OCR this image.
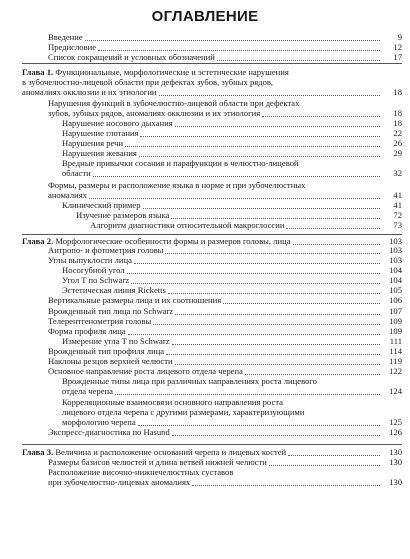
ОГЛАВЛЕНИЕ
Введение	9
Предисловие	12
Список сокращений и условных обозначений	17
Глава 1. Функциональные, морфологические и эстетические нарушения
в зубочелюстно-лицевой области при дефектах зубов, зубных рядов,
аномалиях окклюзии и их этиологии	18
Нарушения функций в зубочелюстно-лицевой области при дефектах
зубов, зубных рядов, аномалиях окклюзии и их этиология	18
Нарушение носового дыхания	18
Нарушение глотания	22
Нарушения речи	26
Нарушения жевания	29
Вредные привычки сосания и парафункции в челюстно-лицевой
области	32
Формы, размеры и расположение языка в норме и при зубочелюстных
аномалиях	41
Клинический пример	41
Изучение размеров языка	72
Алгоритм диагностики относительной макроглоссии	73
Глава 2. Морфологические особенности формы и размеров головы, лица	103
Антропо- и фотометрия головы	103
Углы выпуклости лица	103
Носогубной угол	104
Угол T по Schwarz	104
Эстетическая линия Ricketts	105
Вертикальные размеры лица и их соотношения	106
Врожденный тип лица по Schwarz	107
Телерентгенометрия головы	109
Форма профиля лица	109
Измерение угла T по Schwarz	111
Врожденный тип профиля лица	114
Наклоны резцов верхней челюсти	119
Основное направление роста лицевого отдела черепа	122
Врожденные типы лица при различных направлениях роста лицевого
отдела черепа	124
Корреляционные взаимосвязи основного направления роста
лицевого отдела черепа с другими размерами, характеризующими
морфологию черепа	125
Экспресс-диагностика по Hasund	126
Глава 3. Величина и расположение оснований черепа и лицевых костей	130
Размеры базисов челюстей и длина ветвей нижней челюсти	130
Расположение височно-нижнечелюстных суставов
при зубочелюстно-лицевых аномалиях	130
